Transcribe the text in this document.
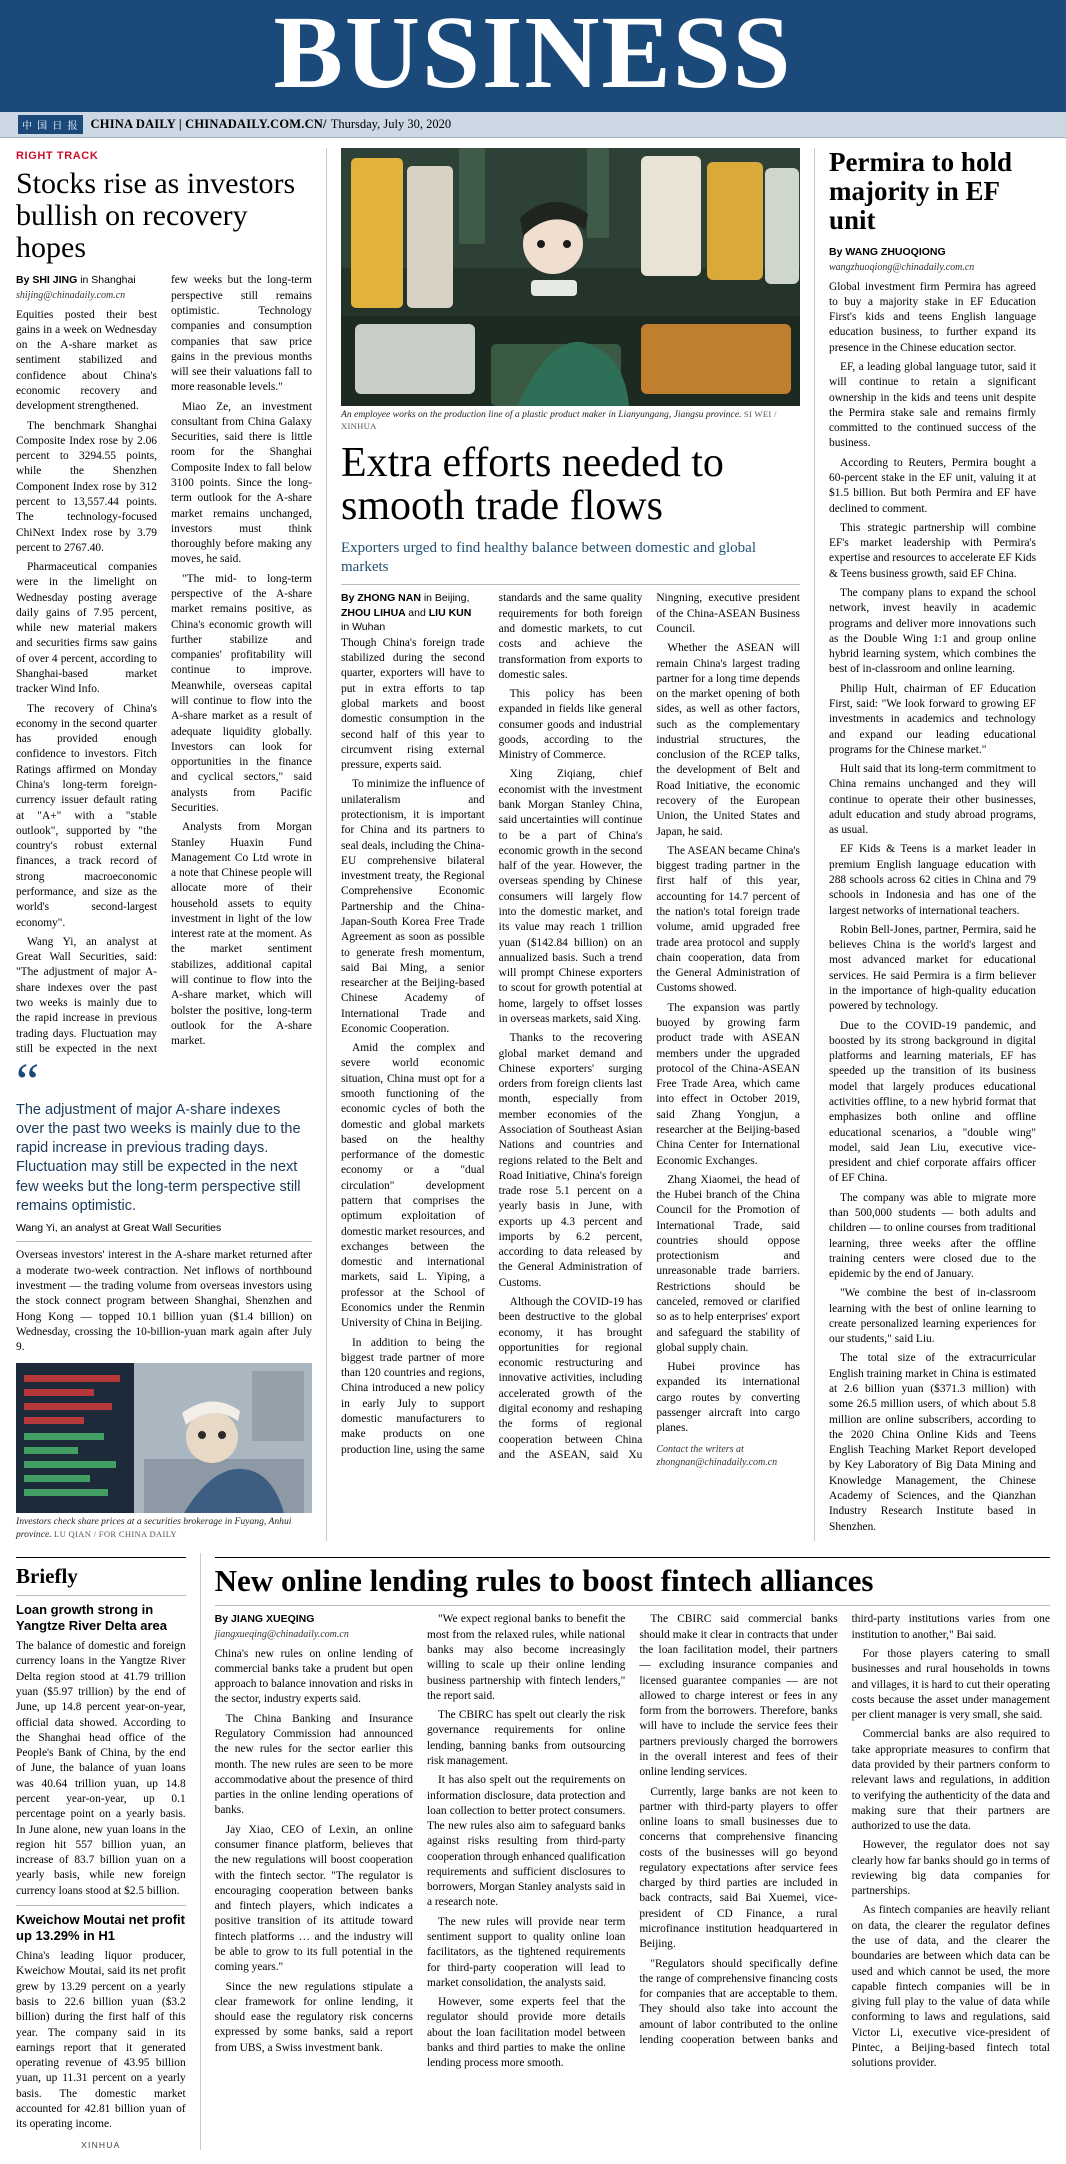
BUSINESS
中 国 日 报 CHINA DAILY | CHINADAILY.COM.CN/ Thursday, July 30, 2020
RIGHT TRACK
Stocks rise as investors bullish on recovery hopes
By SHI JING in Shanghai
shijing@chinadaily.com.cn

Equities posted their best gains in a week on Wednesday on the A-share market as sentiment stabilized and confidence about China's economic recovery and development strengthened.

The benchmark Shanghai Composite Index rose by 2.06 percent to 3294.55 points, while the Shenzhen Component Index rose by 312 percent to 13,557.44 points. The technology-focused ChiNext Index rose by 3.79 percent to 2767.40.

Pharmaceutical companies were in the limelight on Wednesday posting average daily gains of 7.95 percent, while new material makers and securities firms saw gains of over 4 percent, according to Shanghai-based market tracker Wind Info.

The recovery of China's economy in the second quarter has provided enough confidence to investors. Fitch Ratings affirmed on Monday China's long-term foreign-currency issuer default rating at "A+" with a "stable outlook", supported by "the country's robust external finances, a track record of strong macroeconomic performance, and size as the world's second-largest economy".

Wang Yi, an analyst at Great Wall Securities, said: "The adjustment of major A-share indexes over the past two weeks is mainly due to the rapid increase in previous trading days. Fluctuation may still be expected in the next few weeks but the long-term perspective still remains optimistic. Technology companies and consumption companies that saw price gains in the previous months will see their valuations fall to more reasonable levels."

Miao Ze, an investment consultant from China Galaxy Securities, said there is little room for the Shanghai Composite Index to fall below 3100 points. Since the long-term outlook for the A-share market remains unchanged, investors must think thoroughly before making any moves, he said.

"The mid- to long-term perspective of the A-share market remains positive, as China's economic growth will further stabilize and companies' profitability will continue to improve. Meanwhile, overseas capital will continue to flow into the A-share market as a result of adequate liquidity globally. Investors can look for opportunities in the finance and cyclical sectors," said analysts from Pacific Securities.

Analysts from Morgan Stanley Huaxin Fund Management Co Ltd wrote in a note that Chinese people will allocate more of their household assets to equity investment in light of the low interest rate at the moment. As the market sentiment stabilizes, additional capital will continue to flow into the A-share market, which will bolster the positive, long-term outlook for the A-share market.

“
The adjustment of major A-share indexes over the past two weeks is mainly due to the rapid increase in previous trading days. Fluctuation may still be expected in the next few weeks but the long-term perspective still remains optimistic.
Wang Yi, an analyst at Great Wall Securities

Overseas investors' interest in the A-share market returned after a moderate two-week contraction. Net inflows of northbound investment — the trading volume from overseas investors using the stock connect program between Shanghai, Shenzhen and Hong Kong — topped 10.1 billion yuan ($1.4 billion) on Wednesday, crossing the 10-billion-yuan mark again after July 9.

Investors check share prices at a securities brokerage in Fuyang, Anhui province. LU QIAN / FOR CHINA DAILY
An employee works on the production line of a plastic product maker in Lianyungang, Jiangsu province. SI WEI / XINHUA
Extra efforts needed to smooth trade flows
Exporters urged to find healthy balance between domestic and global markets
By ZHONG NAN in Beijing,
ZHOU LIHUA and LIU KUN
in Wuhan

Though China's foreign trade stabilized during the second quarter, exporters will have to put in extra efforts to tap global markets and boost domestic consumption in the second half of this year to circumvent rising external pressure, experts said.

To minimize the influence of unilateralism and protectionism, it is important for China and its partners to seal deals, including the China-EU comprehensive bilateral investment treaty, the Regional Comprehensive Economic Partnership and the China-Japan-South Korea Free Trade Agreement as soon as possible to generate fresh momentum, said Bai Ming, a senior researcher at the Beijing-based Chinese Academy of International Trade and Economic Cooperation.

Amid the complex and severe world economic situation, China must opt for a smooth functioning of the economic cycles of both the domestic and global markets based on the healthy performance of the domestic economy or a "dual circulation" development pattern that comprises the optimum exploitation of domestic market resources, and exchanges between the domestic and international markets, said L. Yiping, a professor at the School of Economics under the Renmin University of China in Beijing.

In addition to being the biggest trade partner of more than 120 countries and regions, China introduced a new policy in early July to support domestic manufacturers to make products on one production line, using the same standards and the same quality requirements for both foreign and domestic markets, to cut costs and achieve the transformation from exports to domestic sales.

This policy has been expanded in fields like general consumer goods and industrial goods, according to the Ministry of Commerce.

Xing Ziqiang, chief economist with the investment bank Morgan Stanley China, said uncertainties will continue to be a part of China's economic growth in the second half of the year. However, the overseas spending by Chinese consumers will largely flow into the domestic market, and its value may reach 1 trillion yuan ($142.84 billion) on an annualized basis. Such a trend will prompt Chinese exporters to scout for growth potential at home, largely to offset losses in overseas markets, said Xing.

Thanks to the recovering global market demand and Chinese exporters' surging orders from foreign clients last month, especially from member economies of the Association of Southeast Asian Nations and countries and regions related to the Belt and Road Initiative, China's foreign trade rose 5.1 percent on a yearly basis in June, with exports up 4.3 percent and imports by 6.2 percent, according to data released by the General Administration of Customs.

Although the COVID-19 has been destructive to the global economy, it has brought opportunities for regional economic restructuring and innovative activities, including accelerated growth of the digital economy and reshaping the forms of regional cooperation between China and the ASEAN, said Xu Ningning, executive president of the China-ASEAN Business Council.

Whether the ASEAN will remain China's largest trading partner for a long time depends on the market opening of both sides, as well as other factors, such as the complementary industrial structures, the conclusion of the RCEP talks, the development of Belt and Road Initiative, the economic recovery of the European Union, the United States and Japan, he said.

The ASEAN became China's biggest trading partner in the first half of this year, accounting for 14.7 percent of the nation's total foreign trade volume, amid upgraded free trade area protocol and supply chain cooperation, data from the General Administration of Customs showed.

The expansion was partly buoyed by growing farm product trade with ASEAN members under the upgraded protocol of the China-ASEAN Free Trade Area, which came into effect in October 2019, said Zhang Yongjun, a researcher at the Beijing-based China Center for International Economic Exchanges.

Zhang Xiaomei, the head of the Hubei branch of the China Council for the Promotion of International Trade, said countries should oppose protectionism and unreasonable trade barriers. Restrictions should be canceled, removed or clarified so as to help enterprises' export and safeguard the stability of global supply chain.

Hubei province has expanded its international cargo routes by converting passenger aircraft into cargo planes.

Contact the writers at zhongnan@chinadaily.com.cn
Permira to hold majority in EF unit
By WANG ZHUOQIONG
wangzhuoqiong@chinadaily.com.cn

Global investment firm Permira has agreed to buy a majority stake in EF Education First's kids and teens English language education business, to further expand its presence in the Chinese education sector.

EF, a leading global language tutor, said it will continue to retain a significant ownership in the kids and teens unit despite the Permira stake sale and remains firmly committed to the continued success of the business.

According to Reuters, Permira bought a 60-percent stake in the EF unit, valuing it at $1.5 billion. But both Permira and EF have declined to comment.

This strategic partnership will combine EF's market leadership with Permira's expertise and resources to accelerate EF Kids & Teens business growth, said EF China.

The company plans to expand the school network, invest heavily in academic programs and deliver more innovations such as the Double Wing 1:1 and group online hybrid learning system, which combines the best of in-classroom and online learning.

Philip Hult, chairman of EF Education First, said: "We look forward to growing EF investments in academics and technology and expand our leading educational programs for the Chinese market."

Hult said that its long-term commitment to China remains unchanged and they will continue to operate their other businesses, adult education and study abroad programs, as usual.

EF Kids & Teens is a market leader in premium English language education with 288 schools across 62 cities in China and 79 schools in Indonesia and has one of the largest networks of international teachers.

Robin Bell-Jones, partner, Permira, said he believes China is the world's largest and most advanced market for educational services. He said Permira is a firm believer in the importance of high-quality education powered by technology.

Due to the COVID-19 pandemic, and boosted by its strong background in digital platforms and learning materials, EF has speeded up the transition of its business model that largely produces educational activities offline, to a new hybrid format that emphasizes both online and offline educational scenarios, a "double wing" model, said Jean Liu, executive vice-president and chief corporate affairs officer of EF China.

The company was able to migrate more than 500,000 students — both adults and children — to online courses from traditional learning, three weeks after the offline training centers were closed due to the epidemic by the end of January.

"We combine the best of in-classroom learning with the best of online learning to create personalized learning experiences for our students," said Liu.

The total size of the extracurricular English training market in China is estimated at 2.6 billion yuan ($371.3 million) with some 26.5 million users, of which about 5.8 million are online subscribers, according to the 2020 China Online Kids and Teens English Teaching Market Report developed by Key Laboratory of Big Data Mining and Knowledge Management, the Chinese Academy of Sciences, and the Qianzhan Industry Research Institute based in Shenzhen.

Briefly
Loan growth strong in Yangtze River Delta area

The balance of domestic and foreign currency loans in the Yangtze River Delta region stood at 41.79 trillion yuan ($5.97 trillion) by the end of June, up 14.8 percent year-on-year, official data showed. According to the Shanghai head office of the People's Bank of China, by the end of June, the balance of yuan loans was 40.64 trillion yuan, up 14.8 percent year-on-year, up 0.1 percentage point on a yearly basis. In June alone, new yuan loans in the region hit 557 billion yuan, an increase of 83.7 billion yuan on a yearly basis, while new foreign currency loans stood at $2.5 billion.

Kweichow Moutai net profit up 13.29% in H1

China's leading liquor producer, Kweichow Moutai, said its net profit grew by 13.29 percent on a yearly basis to 22.6 billion yuan ($3.2 billion) during the first half of this year. The company said in its earnings report that it generated operating revenue of 43.95 billion yuan, up 11.31 percent on a yearly basis. The domestic market accounted for 42.81 billion yuan of its operating income.

XINHUA
New online lending rules to boost fintech alliances
By JIANG XUEQING
jiangxueqing@chinadaily.com.cn

China's new rules on online lending of commercial banks take a prudent but open approach to balance innovation and risks in the sector, industry experts said.

The China Banking and Insurance Regulatory Commission had announced the new rules for the sector earlier this month. The new rules are seen to be more accommodative about the presence of third parties in the online lending operations of banks.

Jay Xiao, CEO of Lexin, an online consumer finance platform, believes that the new regulations will boost cooperation with the fintech sector. "The regulator is encouraging cooperation between banks and fintech players, which indicates a positive transition of its attitude toward fintech platforms … and the industry will be able to grow to its full potential in the coming years."

Since the new regulations stipulate a clear framework for online lending, it should ease the regulatory risk concerns expressed by some banks, said a report from UBS, a Swiss investment bank.

"We expect regional banks to benefit the most from the relaxed rules, while national banks may also become increasingly willing to scale up their online lending business partnership with fintech lenders," the report said.

The CBIRC has spelt out clearly the risk governance requirements for online lending, banning banks from outsourcing risk management.

It has also spelt out the requirements on information disclosure, data protection and loan collection to better protect consumers. The new rules also aim to safeguard banks against risks resulting from third-party cooperation through enhanced qualification requirements and sufficient disclosures to borrowers, Morgan Stanley analysts said in a research note.

The new rules will provide near term sentiment support to quality online loan facilitators, as the tightened requirements for third-party cooperation will lead to market consolidation, the analysts said.

However, some experts feel that the regulator should provide more details about the loan facilitation model between banks and third parties to make the online lending process more smooth.

The CBIRC said commercial banks should make it clear in contracts that under the loan facilitation model, their partners — excluding insurance companies and licensed guarantee companies — are not allowed to charge interest or fees in any form from the borrowers. Therefore, banks will have to include the service fees their partners previously charged the borrowers in the overall interest and fees of their online lending services.

Currently, large banks are not keen to partner with third-party players to offer online loans to small businesses due to concerns that comprehensive financing costs of the businesses will go beyond regulatory expectations after service fees charged by third parties are included in back contracts, said Bai Xuemei, vice-president of CD Finance, a rural microfinance institution headquartered in Beijing.

"Regulators should specifically define the range of comprehensive financing costs for companies that are acceptable to them. They should also take into account the amount of labor contributed to the online lending cooperation between banks and third-party institutions varies from one institution to another," Bai said.

For those players catering to small businesses and rural households in towns and villages, it is hard to cut their operating costs because the asset under management per client manager is very small, she said.

Commercial banks are also required to take appropriate measures to confirm that data provided by their partners conform to relevant laws and regulations, in addition to verifying the authenticity of the data and making sure that their partners are authorized to use the data.

However, the regulator does not say clearly how far banks should go in terms of reviewing big data companies for partnerships.

As fintech companies are heavily reliant on data, the clearer the regulator defines the use of data, and the clearer the boundaries are between which data can be used and which cannot be used, the more capable fintech companies will be in giving full play to the value of data while conforming to laws and regulations, said Victor Li, executive vice-president of Pintec, a Beijing-based fintech total solutions provider.
